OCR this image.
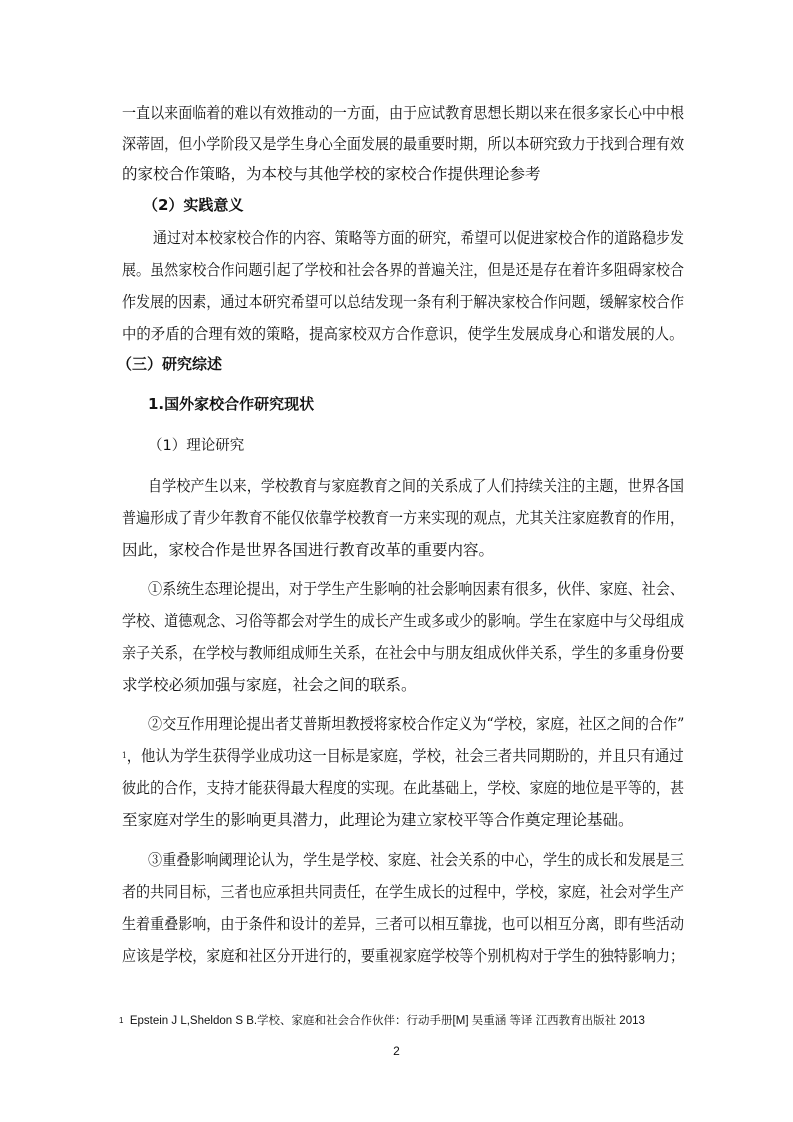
一直以来面临着的难以有效推动的一方面，由于应试教育思想长期以来在很多家长心中中根
深蒂固，但小学阶段又是学生身心全面发展的最重要时期，所以本研究致力于找到合理有效
的家校合作策略，为本校与其他学校的家校合作提供理论参考
（2）实践意义
通过对本校家校合作的内容、策略等方面的研究，希望可以促进家校合作的道路稳步发
展。虽然家校合作问题引起了学校和社会各界的普遍关注，但是还是存在着许多阻碍家校合
作发展的因素，通过本研究希望可以总结发现一条有利于解决家校合作问题，缓解家校合作
中的矛盾的合理有效的策略，提高家校双方合作意识，使学生发展成身心和谐发展的人。
（三）研究综述
1.国外家校合作研究现状
（1）理论研究
自学校产生以来，学校教育与家庭教育之间的关系成了人们持续关注的主题，世界各国
普遍形成了青少年教育不能仅依靠学校教育一方来实现的观点，尤其关注家庭教育的作用，
因此，家校合作是世界各国进行教育改革的重要内容。
①系统生态理论提出，对于学生产生影响的社会影响因素有很多，伙伴、家庭、社会、
学校、道德观念、习俗等都会对学生的成长产生或多或少的影响。学生在家庭中与父母组成
亲子关系，在学校与教师组成师生关系，在社会中与朋友组成伙伴关系，学生的多重身份要
求学校必须加强与家庭，社会之间的联系。
②交互作用理论提出者艾普斯坦教授将家校合作定义为“学校，家庭，社区之间的合作”
$^1$，他认为学生获得学业成功这一目标是家庭，学校，社会三者共同期盼的，并且只有通过
彼此的合作，支持才能获得最大程度的实现。在此基础上，学校、家庭的地位是平等的，甚
至家庭对学生的影响更具潜力，此理论为建立家校平等合作奠定理论基础。
③重叠影响阈理论认为，学生是学校、家庭、社会关系的中心，学生的成长和发展是三
者的共同目标，三者也应承担共同责任，在学生成长的过程中，学校，家庭，社会对学生产
生着重叠影响，由于条件和设计的差异，三者可以相互靠拢，也可以相互分离，即有些活动
应该是学校，家庭和社区分开进行的，要重视家庭学校等个别机构对于学生的独特影响力；
$^1$ Epstein J L,Sheldon S B.学校、家庭和社会合作伙伴：行动手册[M] 吴重涵 等译 江西教育出版社 2013
2
